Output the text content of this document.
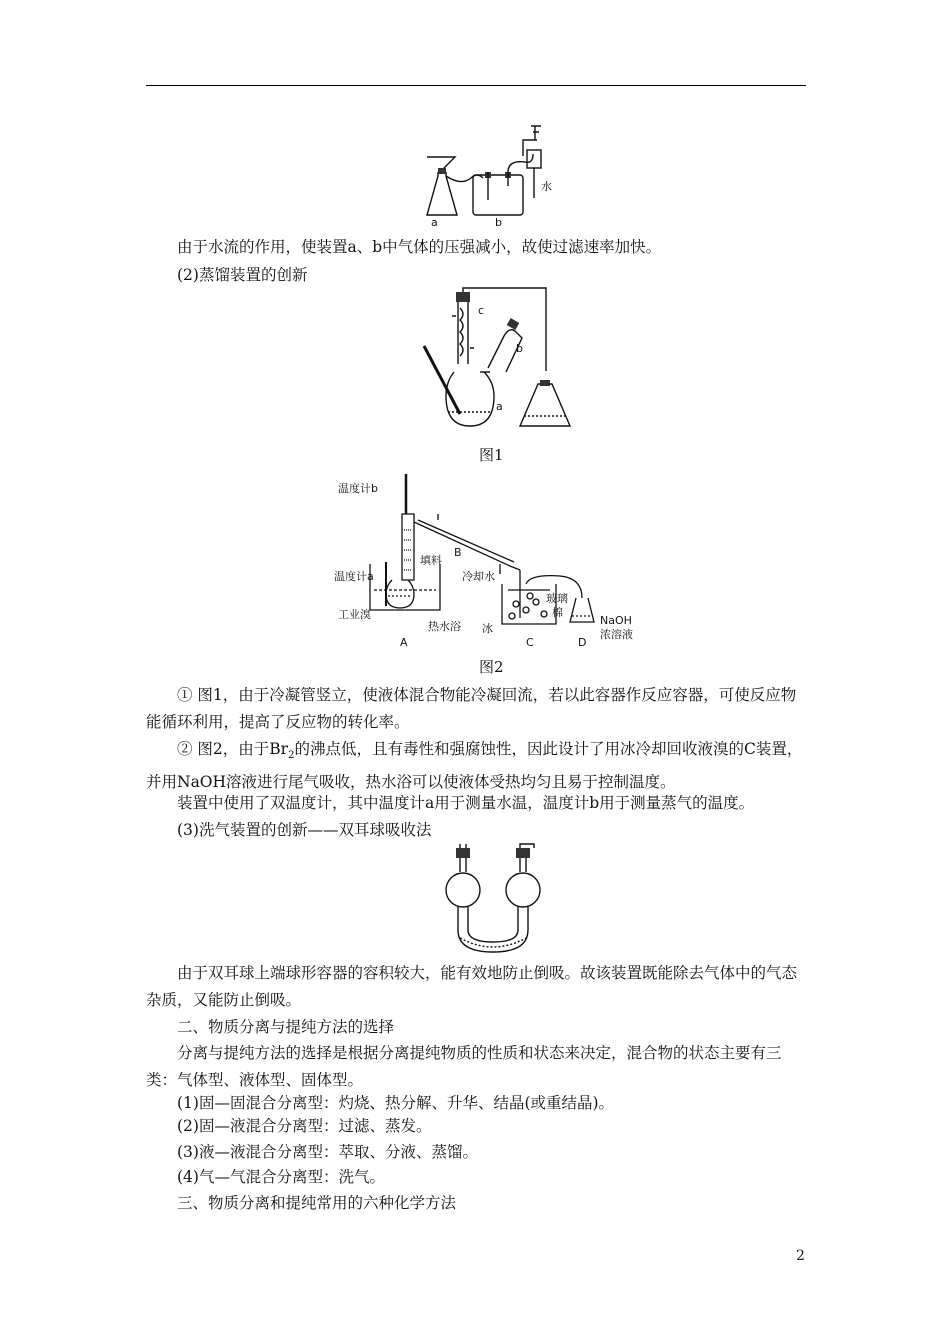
a	b
水

由于水流的作用，使装置a、b中气体的压强减小，故使过滤速率加快。

(2)蒸馏装置的创新

c
b
a
图1
温度计b
填料
B
冷却水
温度计a
工业溴
热水浴
A
玻璃
棉
冰
C
NaOH
浓溶液
D
图2

① 图1，由于冷凝管竖立，使液体混合物能冷凝回流，若以此容器作反应容器，可使反应物能循环利用，提高了反应物的转化率。

② 图2，由于$Br_2$的沸点低，且有毒性和强腐蚀性，因此设计了用冰冷却回收液溴的C装置，并用NaOH溶液进行尾气吸收，热水浴可以使液体受热均匀且易于控制温度。

装置中使用了双温度计，其中温度计a用于测量水温，温度计b用于测量蒸气的温度。

(3)洗气装置的创新——双耳球吸收法

由于双耳球上端球形容器的容积较大，能有效地防止倒吸。故该装置既能除去气体中的气态杂质，又能防止倒吸。

二、物质分离与提纯方法的选择

分离与提纯方法的选择是根据分离提纯物质的性质和状态来决定，混合物的状态主要有三类：气体型、液体型、固体型。

(1)固—固混合分离型：灼烧、热分解、升华、结晶(或重结晶)。

(2)固—液混合分离型：过滤、蒸发。

(3)液—液混合分离型：萃取、分液、蒸馏。

(4)气—气混合分离型：洗气。

三、物质分离和提纯常用的六种化学方法

2
